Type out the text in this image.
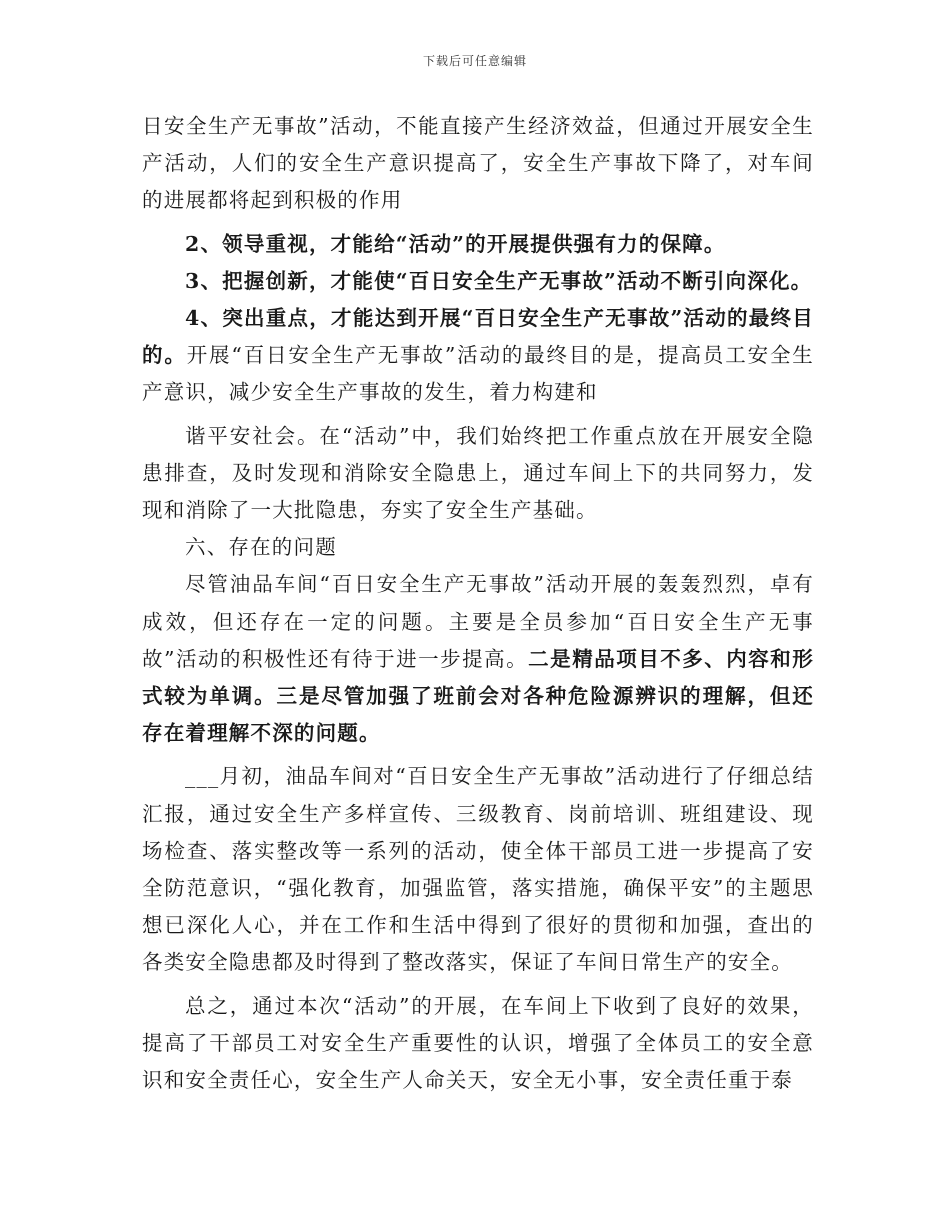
下载后可任意编辑

日安全生产无事故”活动，不能直接产生经济效益，但通过开展安全生产活动，人们的安全生产意识提高了，安全生产事故下降了，对车间的进展都将起到积极的作用

2、领导重视，才能给“活动”的开展提供强有力的保障。

3、把握创新，才能使“百日安全生产无事故”活动不断引向深化。

4、突出重点，才能达到开展“百日安全生产无事故”活动的最终目的。开展“百日安全生产无事故”活动的最终目的是，提高员工安全生产意识，减少安全生产事故的发生，着力构建和

谐平安社会。在“活动”中，我们始终把工作重点放在开展安全隐患排查，及时发现和消除安全隐患上，通过车间上下的共同努力，发现和消除了一大批隐患，夯实了安全生产基础。

六、存在的问题

尽管油品车间“百日安全生产无事故”活动开展的轰轰烈烈，卓有成效，但还存在一定的问题。主要是全员参加“百日安全生产无事故”活动的积极性还有待于进一步提高。二是精品项目不多、内容和形式较为单调。三是尽管加强了班前会对各种危险源辨识的理解，但还存在着理解不深的问题。

___月初，油品车间对“百日安全生产无事故”活动进行了仔细总结汇报，通过安全生产多样宣传、三级教育、岗前培训、班组建设、现场检查、落实整改等一系列的活动，使全体干部员工进一步提高了安全防范意识，“强化教育，加强监管，落实措施，确保平安”的主题思想已深化人心，并在工作和生活中得到了很好的贯彻和加强，查出的各类安全隐患都及时得到了整改落实，保证了车间日常生产的安全。

总之，通过本次“活动”的开展，在车间上下收到了良好的效果，提高了干部员工对安全生产重要性的认识，增强了全体员工的安全意识和安全责任心，安全生产人命关天，安全无小事，安全责任重于泰
